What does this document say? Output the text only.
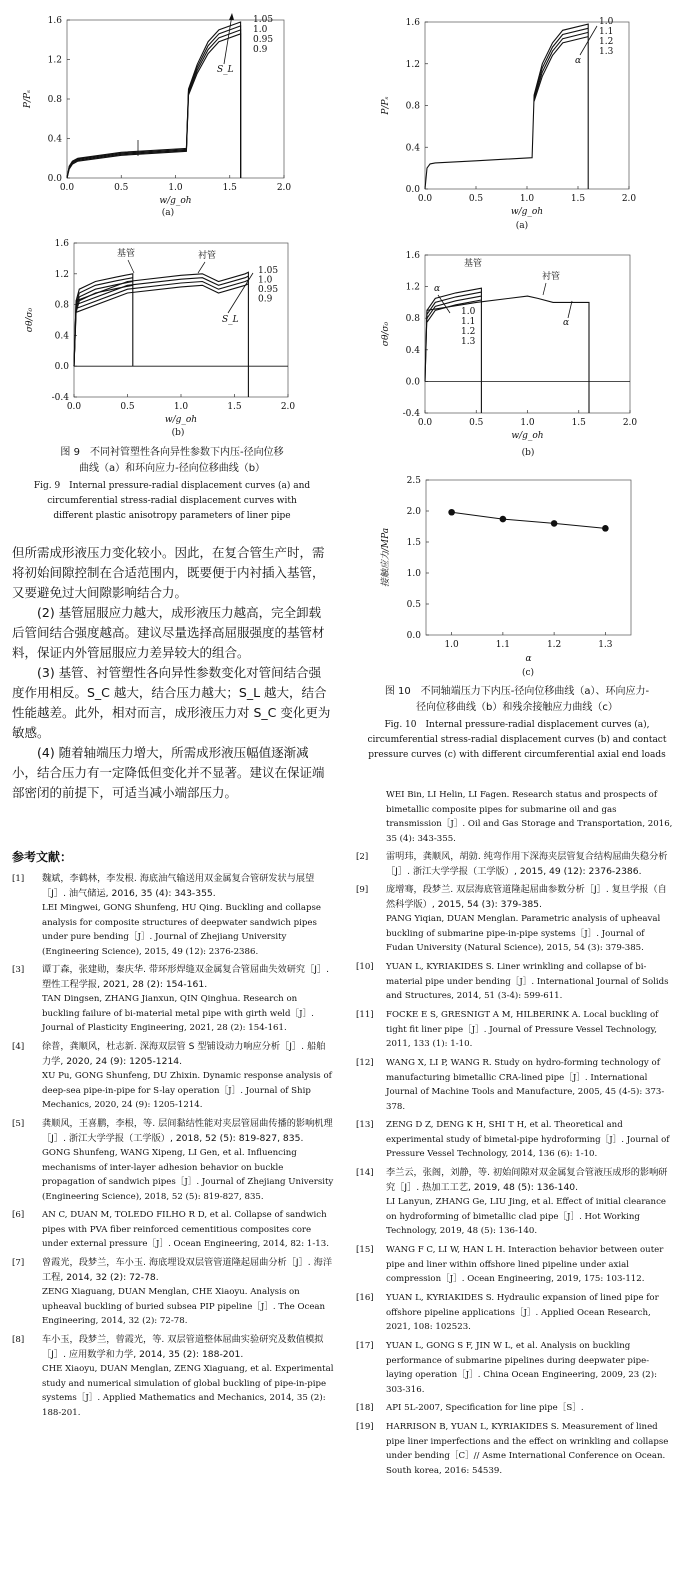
0.0	0.5	1.0	1.5	2.0
0.0
0.4
0.8
1.2
1.6
P/Pₛ
w/g_oh
1.05
1.0
0.95
0.9
S_L
(a)
0.0	0.5	1.0	1.5	2.0
-0.4
0.0
0.4
0.8
1.2
1.6
σθ/σ₀
w/g_oh
基管	衬管
1.05
1.0
0.95
0.9
S_L
(b)
图 9　不同衬管塑性各向异性参数下内压-径向位移
曲线（a）和环向应力-径向位移曲线（b）
Fig. 9　Internal pressure-radial displacement curves (a) and
circumferential stress-radial displacement curves with
different plastic anisotropy parameters of liner pipe
0.0	0.5	1.0	1.5	2.0
0.0
0.4
0.8
1.2
1.6
P/Pₛ
w/g_oh
1.0
1.1
1.2
1.3
α
(a)
0.0	0.5	1.0	1.5	2.0
-0.4
0.0
0.4
0.8
1.2
1.6
σθ/σ₀
w/g_oh
基管
衬管
α
1.0
1.1
1.2
1.3
α
(b)
1.0	1.1	1.2	1.3
0.0
0.5
1.0
1.5
2.0
2.5
接触应力/MPa
α
(c)
图 10　不同轴端压力下内压-径向位移曲线（a）、环向应力-
径向位移曲线（b）和残余接触应力曲线（c）
Fig. 10　Internal pressure-radial displacement curves (a),
circumferential stress-radial displacement curves (b) and contact
pressure curves (c) with different circumferential axial end loads

但所需成形液压力变化较小。因此，在复合管生产时，需将初始间隙控制在合适范围内，既要便于内衬插入基管，又要避免过大间隙影响结合力。

(2) 基管屈服应力越大，成形液压力越高，完全卸载后管间结合强度越高。建议尽量选择高屈服强度的基管材料，保证内外管屈服应力差异较大的组合。

(3) 基管、衬管塑性各向异性参数变化对管间结合强度作用相反。S_C 越大，结合压力越大；S_L 越大，结合性能越差。此外，相对而言，成形液压力对 S_C 变化更为敏感。

(4) 随着轴端压力增大，所需成形液压幅值逐渐减小，结合压力有一定降低但变化并不显著。建议在保证端部密闭的前提下，可适当减小端部压力。

参考文献：
[1] 魏斌，李鹤林，李发根. 海底油气输送用双金属复合管研发状与展望［J］. 油气储运, 2016, 35 (4): 343-355.
LEI Mingwei, GONG Shunfeng, HU Qing. Buckling and collapse analysis for composite structures of deepwater sandwich pipes under pure bending［J］. Journal of Zhejiang University (Engineering Science), 2015, 49 (12): 2376-2386.
[3] 谭丁森，张建勋，秦庆华. 带环形焊缝双金属复合管屈曲失效研究［J］. 塑性工程学报, 2021, 28 (2): 154-161.
TAN Dingsen, ZHANG Jianxun, QIN Qinghua. Research on buckling failure of bi-material metal pipe with girth weld［J］. Journal of Plasticity Engineering, 2021, 28 (2): 154-161.
[4] 徐普，龚顺风，杜志新. 深海双层管 S 型铺设动力响应分析［J］. 船舶力学, 2020, 24 (9): 1205-1214.
XU Pu, GONG Shunfeng, DU Zhixin. Dynamic response analysis of deep-sea pipe-in-pipe for S-lay operation［J］. Journal of Ship Mechanics, 2020, 24 (9): 1205-1214.
[5] 龚顺风，王喜鹏，李根，等. 层间黏结性能对夹层管屈曲传播的影响机理［J］. 浙江大学学报（工学版）, 2018, 52 (5): 819-827, 835.
GONG Shunfeng, WANG Xipeng, LI Gen, et al. Influencing mechanisms of inter-layer adhesion behavior on buckle propagation of sandwich pipes［J］. Journal of Zhejiang University (Engineering Science), 2018, 52 (5): 819-827, 835.
[6] AN C, DUAN M, TOLEDO FILHO R D, et al. Collapse of sandwich pipes with PVA fiber reinforced cementitious composites core under external pressure［J］. Ocean Engineering, 2014, 82: 1-13.
[7] 曾霞光，段梦兰，车小玉. 海底埋设双层管管道隆起屈曲分析［J］. 海洋工程, 2014, 32 (2): 72-78.
ZENG Xiaguang, DUAN Menglan, CHE Xiaoyu. Analysis on upheaval buckling of buried subsea PIP pipeline［J］. The Ocean Engineering, 2014, 32 (2): 72-78.
[8] 车小玉，段梦兰，曾霞光，等. 双层管道整体屈曲实验研究及数值模拟［J］. 应用数学和力学, 2014, 35 (2): 188-201.
CHE Xiaoyu, DUAN Menglan, ZENG Xiaguang, et al. Experimental study and numerical simulation of global buckling of pipe-in-pipe systems［J］. Applied Mathematics and Mechanics, 2014, 35 (2): 188-201.
WEI Bin, LI Helin, LI Fagen. Research status and prospects of bimetallic composite pipes for submarine oil and gas transmission［J］. Oil and Gas Storage and Transportation, 2016, 35 (4): 343-355.
[2] 雷明玮，龚顺风，胡勍. 纯弯作用下深海夹层管复合结构屈曲失稳分析［J］. 浙江大学学报（工学版）, 2015, 49 (12): 2376-2386.
[9] 庞增骞，段梦兰. 双层海底管道隆起屈曲参数分析［J］. 复旦学报（自然科学版）, 2015, 54 (3): 379-385.
PANG Yiqian, DUAN Menglan. Parametric analysis of upheaval buckling of submarine pipe-in-pipe systems［J］. Journal of Fudan University (Natural Science), 2015, 54 (3): 379-385.
[10] YUAN L, KYRIAKIDES S. Liner wrinkling and collapse of bi-material pipe under bending［J］. International Journal of Solids and Structures, 2014, 51 (3-4): 599-611.
[11] FOCKE E S, GRESNIGT A M, HILBERINK A. Local buckling of tight fit liner pipe［J］. Journal of Pressure Vessel Technology, 2011, 133 (1): 1-10.
[12] WANG X, LI P, WANG R. Study on hydro-forming technology of manufacturing bimetallic CRA-lined pipe［J］. International Journal of Machine Tools and Manufacture, 2005, 45 (4-5): 373-378.
[13] ZENG D Z, DENG K H, SHI T H, et al. Theoretical and experimental study of bimetal-pipe hydroforming［J］. Journal of Pressure Vessel Technology, 2014, 136 (6): 1-10.
[14] 李兰云，张阁，刘静，等. 初始间隙对双金属复合管液压成形的影响研究［J］. 热加工工艺, 2019, 48 (5): 136-140.
LI Lanyun, ZHANG Ge, LIU Jing, et al. Effect of initial clearance on hydroforming of bimetallic clad pipe［J］. Hot Working Technology, 2019, 48 (5): 136-140.
[15] WANG F C, LI W, HAN L H. Interaction behavior between outer pipe and liner within offshore lined pipeline under axial compression［J］. Ocean Engineering, 2019, 175: 103-112.
[16] YUAN L, KYRIAKIDES S. Hydraulic expansion of lined pipe for offshore pipeline applications［J］. Applied Ocean Research, 2021, 108: 102523.
[17] YUAN L, GONG S F, JIN W L, et al. Analysis on buckling performance of submarine pipelines during deepwater pipe-laying operation［J］. China Ocean Engineering, 2009, 23 (2): 303-316.
[18] API 5L-2007, Specification for line pipe［S］.
[19] HARRISON B, YUAN L, KYRIAKIDES S. Measurement of lined pipe liner imperfections and the effect on wrinkling and collapse under bending［C］// Asme International Conference on Ocean. South korea, 2016: 54539.
